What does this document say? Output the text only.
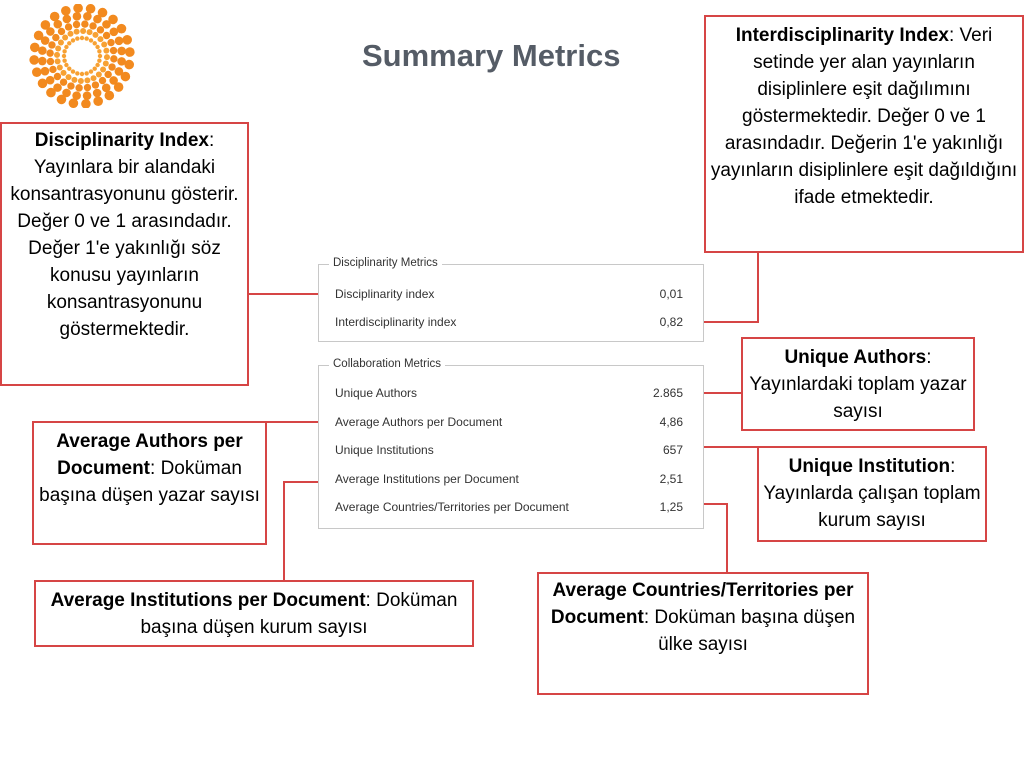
Summary Metrics
Disciplinarity Metrics
Disciplinarity index	0,01
Interdisciplinarity index	0,82
Collaboration Metrics
Unique Authors	2.865
Average Authors per Document	4,86
Unique Institutions	657
Average Institutions per Document	2,51
Average Countries/Territories per Document	1,25
Disciplinarity Index: Yayınlara bir alandaki konsantrasyonunu gösterir. Değer 0 ve 1 arasındadır. Değer 1'e yakınlığı söz konusu yayınların konsantrasyonunu göstermektedir.
Interdisciplinarity Index: Veri setinde yer alan yayınların disiplinlere eşit dağılımını göstermektedir. Değer 0 ve 1 arasındadır. Değerin 1'e yakınlığı yayınların disiplinlere eşit dağıldığını ifade etmektedir.
Unique Authors: Yayınlardaki toplam yazar sayısı
Average Authors per Document: Doküman başına düşen yazar sayısı
Unique Institution: Yayınlarda çalışan toplam kurum sayısı
Average Institutions per Document: Doküman başına düşen kurum sayısı
Average Countries/Territories per Document: Doküman başına düşen ülke sayısı
